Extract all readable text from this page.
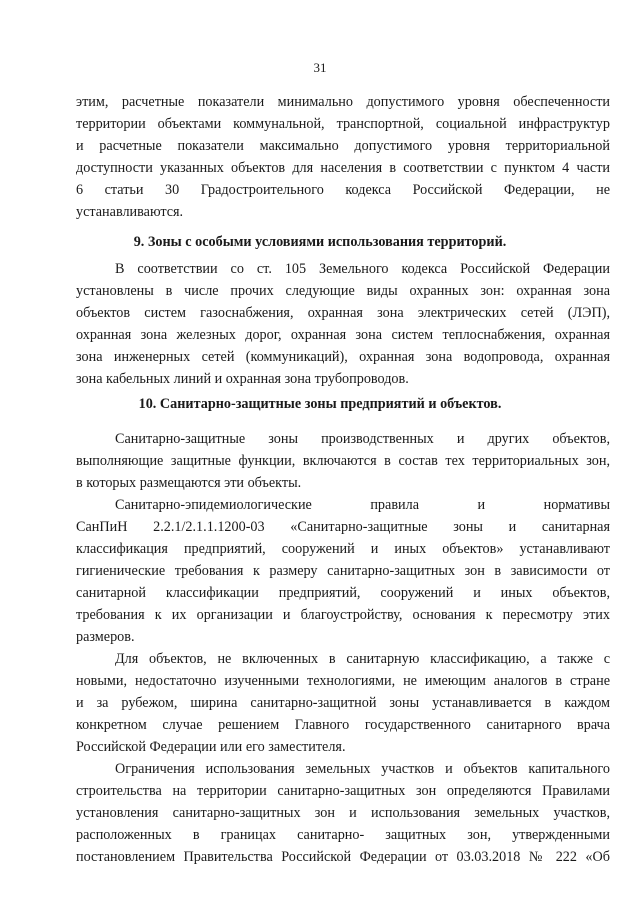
31
этим, расчетные показатели минимально допустимого уровня обеспеченности
территории объектами коммунальной, транспортной, социальной инфраструктур
и расчетные показатели максимально допустимого уровня территориальной
доступности указанных объектов для населения в соответствии с пунктом 4 части
6 статьи 30 Градостроительного кодекса Российской Федерации, не
устанавливаются.
9. Зоны с особыми условиями использования территорий.
В соответствии со ст. 105 Земельного кодекса Российской Федерации
установлены в числе прочих следующие виды охранных зон: охранная зона
объектов систем газоснабжения, охранная зона электрических сетей (ЛЭП),
охранная зона железных дорог, охранная зона систем теплоснабжения, охранная
зона инженерных сетей (коммуникаций), охранная зона водопровода, охранная
зона кабельных линий и охранная зона трубопроводов.
10. Санитарно-защитные зоны предприятий и объектов.
Санитарно-защитные зоны производственных и других объектов,
выполняющие защитные функции, включаются в состав тех территориальных зон,
в которых размещаются эти объекты.
Санитарно-эпидемиологические правила и нормативы
СанПиН 2.2.1/2.1.1.1200-03 «Санитарно-защитные зоны и санитарная
классификация предприятий, сооружений и иных объектов» устанавливают
гигиенические требования к размеру санитарно-защитных зон в зависимости от
санитарной классификации предприятий, сооружений и иных объектов,
требования к их организации и благоустройству, основания к пересмотру этих
размеров.
Для объектов, не включенных в санитарную классификацию, а также с
новыми, недостаточно изученными технологиями, не имеющим аналогов в стране
и за рубежом, ширина санитарно-защитной зоны устанавливается в каждом
конкретном случае решением Главного государственного санитарного врача
Российской Федерации или его заместителя.
Ограничения использования земельных участков и объектов капитального
строительства на территории санитарно-защитных зон определяются Правилами
установления санитарно-защитных зон и использования земельных участков,
расположенных в границах санитарно- защитных зон, утвержденными
постановлением Правительства Российской Федерации от 03.03.2018 № 222 «Об
